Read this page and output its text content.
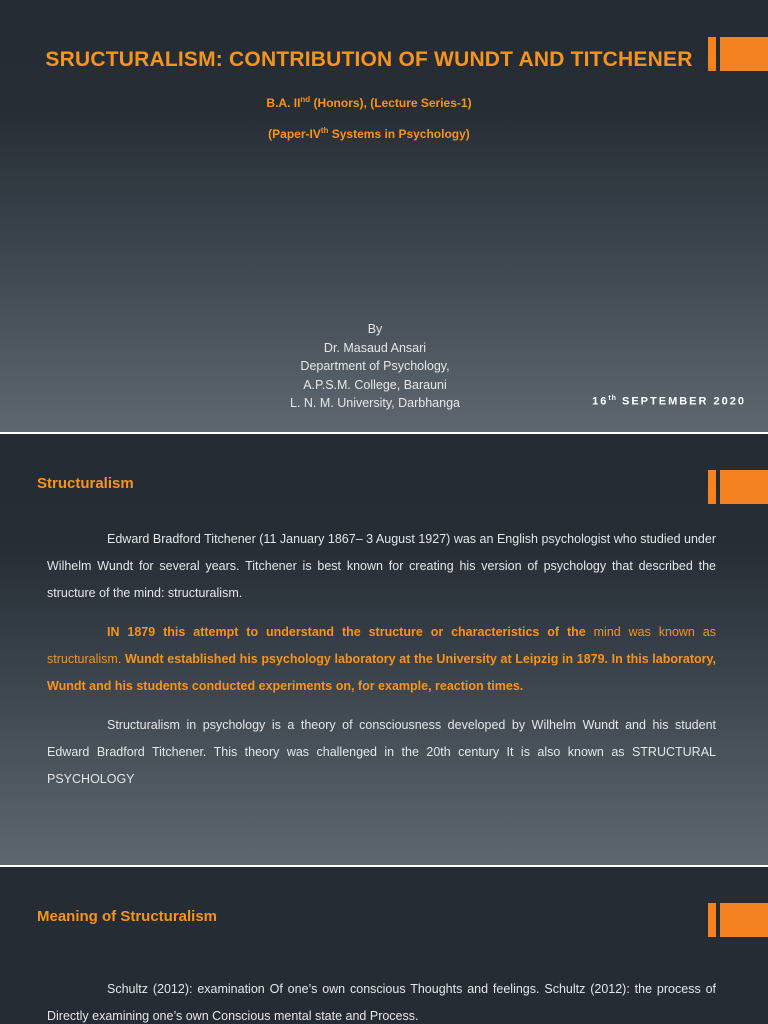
SRUCTURALISM: CONTRIBUTION OF WUNDT AND TITCHENER
B.A. IInd (Honors), (Lecture Series-1)
(Paper-IVth Systems in Psychology)
By
Dr. Masaud Ansari
Department of Psychology,
A.P.S.M. College, Barauni
L. N. M. University, Darbhanga	16th SEPTEMBER 2020
Structuralism
Edward Bradford Titchener (11 January 1867– 3 August 1927) was an English psychologist who studied under Wilhelm Wundt for several years. Titchener is best known for creating his version of psychology that described the structure of the mind: structuralism.
IN 1879 this attempt to understand the structure or characteristics of the mind was known as structuralism. Wundt established his psychology laboratory at the University at Leipzig in 1879. In this laboratory, Wundt and his students conducted experiments on, for example, reaction times.
Structuralism in psychology is a theory of consciousness developed by Wilhelm Wundt and his student Edward Bradford Titchener. This theory was challenged in the 20th century It is also known as STRUCTURAL PSYCHOLOGY
Meaning of Structuralism
Schultz (2012): examination Of one’s own conscious Thoughts and feelings. Schultz (2012): the process of Directly examining one’s own Conscious mental state and Process.
